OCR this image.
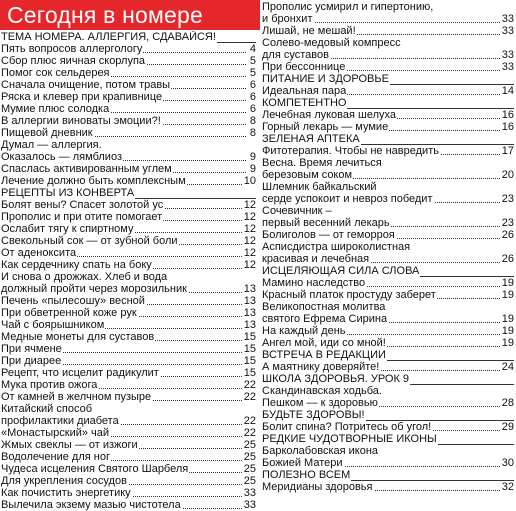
Сегодня в номере
ТЕМА НОМЕРА. АЛЛЕРГИЯ, СДАВАЙСЯ!
Пять вопросов аллергологу	4
Сбор плюс яичная скорлупа	5
Помог сок сельдерея	5
Сначала очищение, потом травы	6
Ряска и клевер при крапивнице	6
Мумие плюс солодка	6
В аллергии виноваты эмоции?!	8
Пищевой дневник	8
Думал — аллергия.
Оказалось — лямблиоз	9
Спаслась активированным углем	9
Лечение должно быть комплексным	10
РЕЦЕПТЫ ИЗ КОНВЕРТА
Болят вены? Спасет золотой ус	12
Прополис и при отите помогает	12
Ослабит тягу к спиртному	12
Свекольный сок — от зубной боли	12
От аденоксита	12
Как сердечнику спать на боку	12
И снова о дрожжах. Хлеб и вода
должный пройти через морозильник	13
Печень «пылесошу» весной	13
При обветренной коже рук	13
Чай с боярышником	13
Медные монеты для суставов	15
При ячмене	15
При диарее	15
Рецепт, что исцелит радикулит	15
Мука против ожога	22
От камней в желчном пузыре	22
Китайский способ
профилактики диабета	22
«Монастырский» чай	22
Жмых свеклы — от изжоги	25
Водолечение для ног	25
Чудеса исцеления Святого Шарбеля	25
Для укрепления сосудов	25
Как почистить энергетику	33
Вылечила экзему мазью чистотела	33
Прополис усмирил и гипертонию,
и бронхит	33
Лишай, не мешай!	33
Солево-медовый компресс
для суставов	33
При бессоннице	33
ПИТАНИЕ И ЗДОРОВЬЕ
Идеальная пара	14
КОМПЕТЕНТНО
Лечебная луковая шелуха	16
Горный лекарь — мумие	16
ЗЕЛЕНАЯ АПТЕКА
Фитотерапия. Чтобы не навредить	17
Весна. Время лечиться
березовым соком	20
Шлемник байкальский
серде успокоит и невроз победит	23
Сочевичник –
первый весенний лекарь	23
Болиголов — от геморроя	26
Асписдистра широколистная
красивая и лечебная	26
ИСЦЕЛЯЮЩАЯ СИЛА СЛОВА
Мамино наследство	19
Красный платок простуду заберет	19
Великопостная молитва
святого Ефрема Сирина	19
На каждый день	19
Ангел мой, иди со мной!	19
ВСТРЕЧА В РЕДАКЦИИ
А маятнику доверяйте!	24
ШКОЛА ЗДОРОВЬЯ. УРОК 9
Скандинавская ходьба.
Пешком — к здоровью	28
БУДЬТЕ ЗДОРОВЫ!
Болит спина? Потритесь об угол!	29
РЕДКИЕ ЧУДОТВОРНЫЕ ИКОНЫ
Барколабовская икона
Божией Матери	30
ПОЛЕЗНО ВСЕМ
Меридианы здоровья	32
